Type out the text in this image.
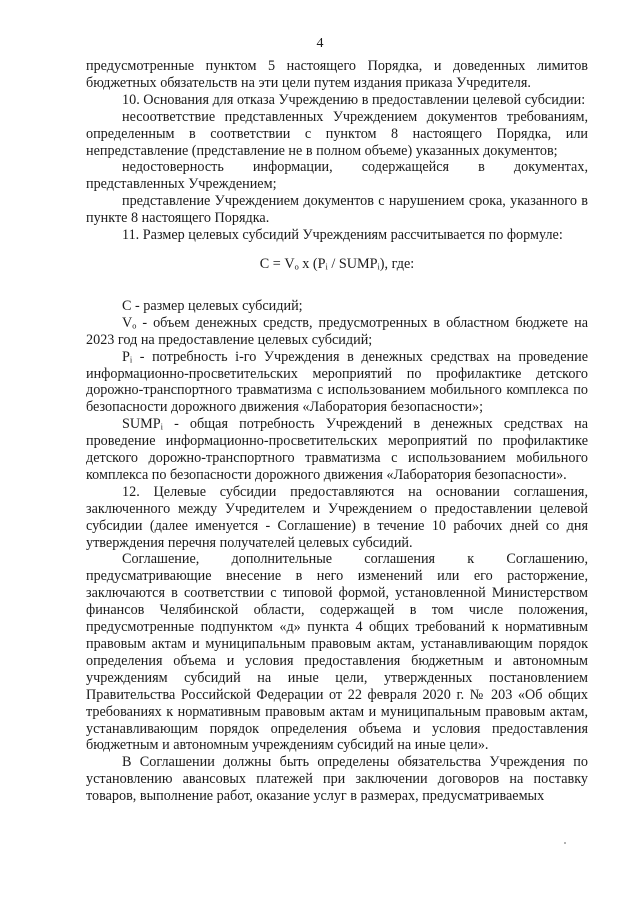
4

предусмотренные пунктом 5 настоящего Порядка, и доведенных лимитов бюджетных обязательств на эти цели путем издания приказа Учредителя.

10. Основания для отказа Учреждению в предоставлении целевой субсидии:

несоответствие представленных Учреждением документов требованиям, определенным в соответствии с пунктом 8 настоящего Порядка, или непредставление (представление не в полном объеме) указанных документов;

недостоверность информации, содержащейся в документах, представленных Учреждением;

представление Учреждением документов с нарушением срока, указанного в пункте 8 настоящего Порядка.

11. Размер целевых субсидий Учреждениям рассчитывается по формуле:

С = Vₒ x (Pᵢ / SUMPᵢ), где:

С - размер целевых субсидий;

Vₒ - объем денежных средств, предусмотренных в областном бюджете на 2023 год на предоставление целевых субсидий;

Pᵢ - потребность i-го Учреждения в денежных средствах на проведение информационно-просветительских мероприятий по профилактике детского дорожно-транспортного травматизма с использованием мобильного комплекса по безопасности дорожного движения «Лаборатория безопасности»;

SUMPᵢ - общая потребность Учреждений в денежных средствах на проведение информационно-просветительских мероприятий по профилактике детского дорожно-транспортного травматизма с использованием мобильного комплекса по безопасности дорожного движения «Лаборатория безопасности».

12. Целевые субсидии предоставляются на основании соглашения, заключенного между Учредителем и Учреждением о предоставлении целевой субсидии (далее именуется - Соглашение) в течение 10 рабочих дней со дня утверждения перечня получателей целевых субсидий.

Соглашение, дополнительные соглашения к Соглашению, предусматривающие внесение в него изменений или его расторжение, заключаются в соответствии с типовой формой, установленной Министерством финансов Челябинской области, содержащей в том числе положения, предусмотренные подпунктом «д» пункта 4 общих требований к нормативным правовым актам и муниципальным правовым актам, устанавливающим порядок определения объема и условия предоставления бюджетным и автономным учреждениям субсидий на иные цели, утвержденных постановлением Правительства Российской Федерации от 22 февраля 2020 г. № 203 «Об общих требованиях к нормативным правовым актам и муниципальным правовым актам, устанавливающим порядок определения объема и условия предоставления бюджетным и автономным учреждениям субсидий на иные цели».

В Соглашении должны быть определены обязательства Учреждения по установлению авансовых платежей при заключении договоров на поставку товаров, выполнение работ, оказание услуг в размерах, предусматриваемых
